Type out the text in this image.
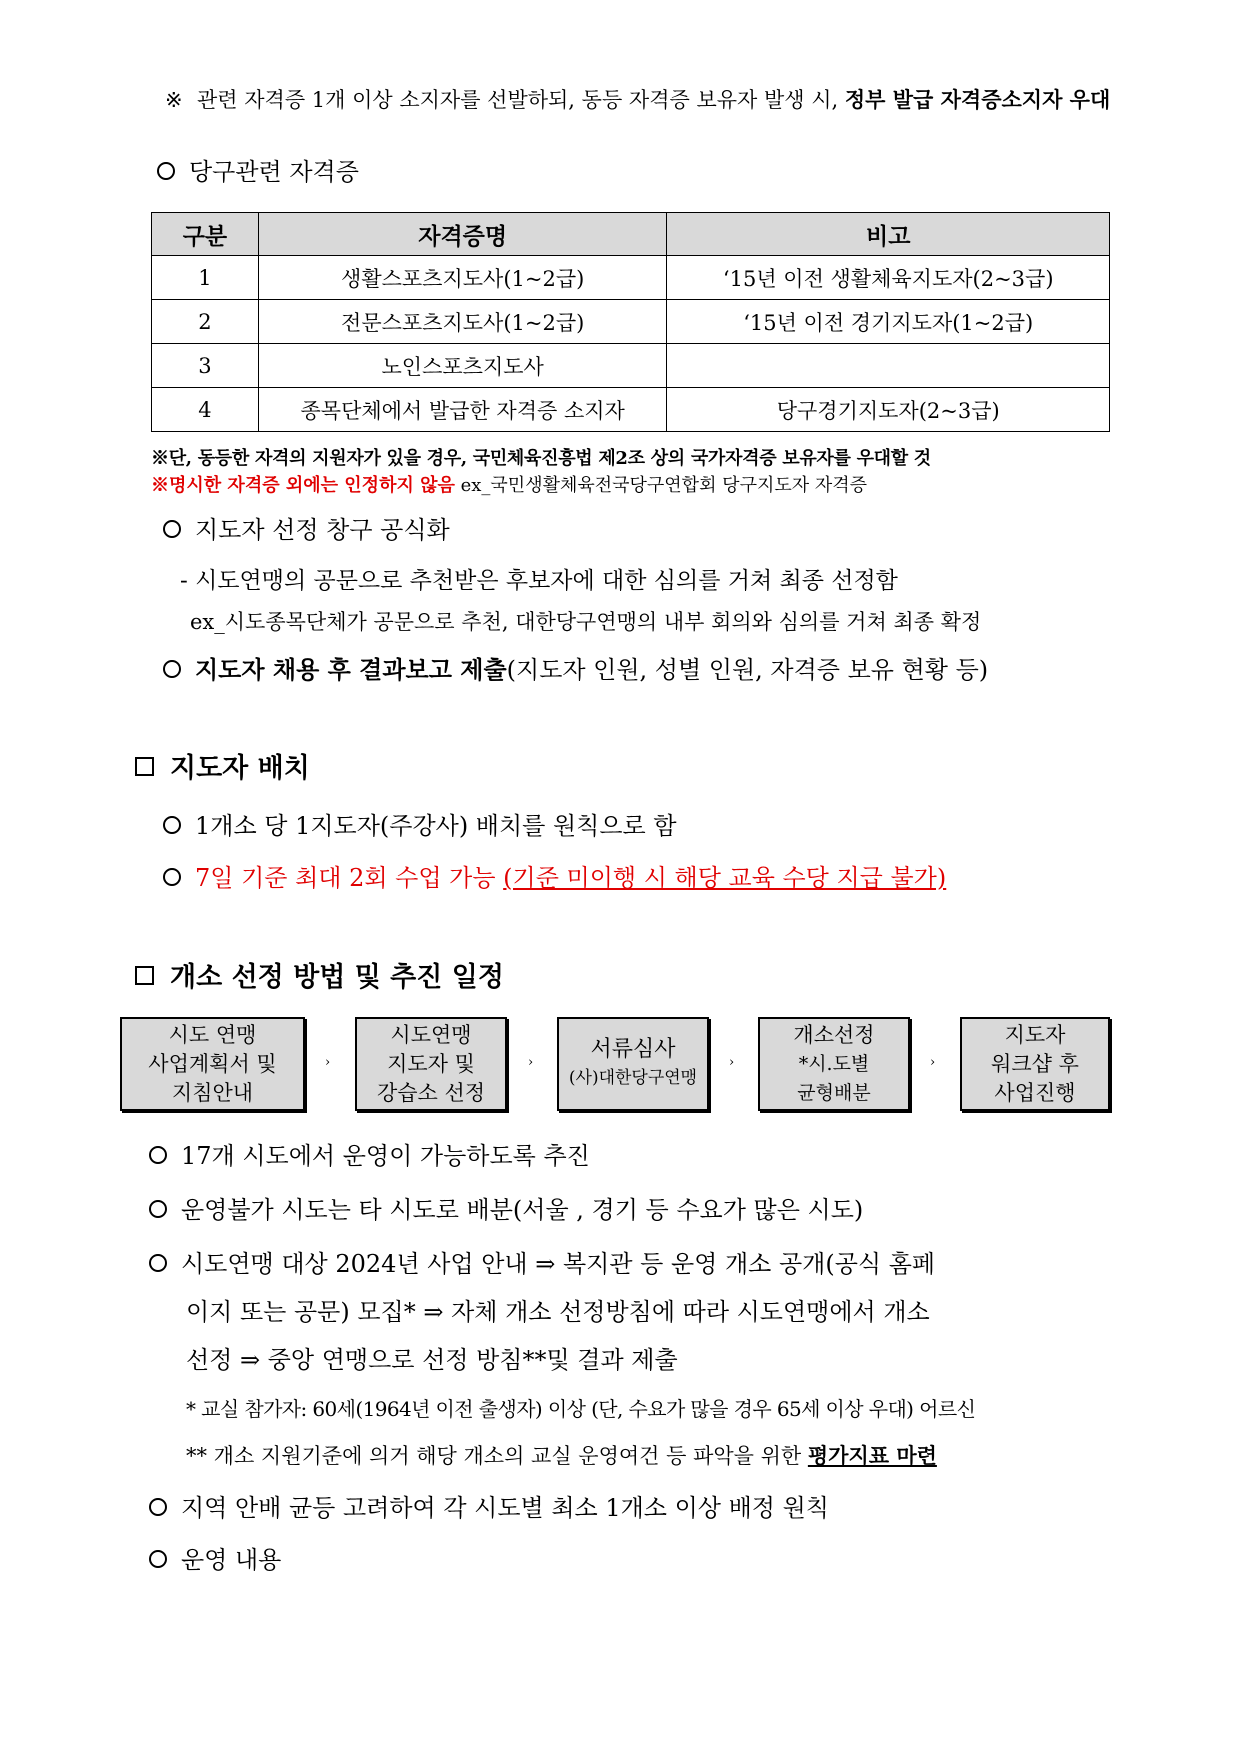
※ 관련 자격증 1개 이상 소지자를 선발하되, 동등 자격증 보유자 발생 시, 정부 발급 자격증소지자 우대
당구관련 자격증
구분	자격증명	비고
1	생활스포츠지도사(1~2급)	‘15년 이전 생활체육지도자(2~3급)
2	전문스포츠지도사(1~2급)	‘15년 이전 경기지도자(1~2급)
3	노인스포츠지도사	
4	종목단체에서 발급한 자격증 소지자	당구경기지도자(2~3급)
※단, 동등한 자격의 지원자가 있을 경우, 국민체육진흥법 제2조 상의 국가자격증 보유자를 우대할 것
※명시한 자격증 외에는 인정하지 않음 ex_국민생활체육전국당구연합회 당구지도자 자격증
지도자 선정 창구 공식화
- 시도연맹의 공문으로 추천받은 후보자에 대한 심의를 거쳐 최종 선정함
ex_시도종목단체가 공문으로 추천, 대한당구연맹의 내부 회의와 심의를 거쳐 최종 확정
지도자 채용 후 결과보고 제출(지도자 인원, 성별 인원, 자격증 보유 현황 등)
지도자 배치
1개소 당 1지도자(주강사) 배치를 원칙으로 함
7일 기준 최대 2회 수업 가능 (기준 미이행 시 해당 교육 수당 지급 불가)
개소 선정 방법 및 추진 일정
시도 연맹
사업계획서 및
지침안내
›
시도연맹
지도자 및
강습소 선정
›
서류심사
(사)대한당구연맹
›
개소선정
*시.도별
균형배분
›
지도자
워크샵 후
사업진행
17개 시도에서 운영이 가능하도록 추진
운영불가 시도는 타 시도로 배분(서울 , 경기 등 수요가 많은 시도)
시도연맹 대상 2024년 사업 안내 ⇒ 복지관 등 운영 개소 공개(공식 홈페
이지 또는 공문) 모집* ⇒ 자체 개소 선정방침에 따라 시도연맹에서 개소
선정 ⇒ 중앙 연맹으로 선정 방침**및 결과 제출
* 교실 참가자: 60세(1964년 이전 출생자) 이상 (단, 수요가 많을 경우 65세 이상 우대) 어르신
** 개소 지원기준에 의거 해당 개소의 교실 운영여건 등 파악을 위한 평가지표 마련
지역 안배 균등 고려하여 각 시도별 최소 1개소 이상 배정 원칙
운영 내용
